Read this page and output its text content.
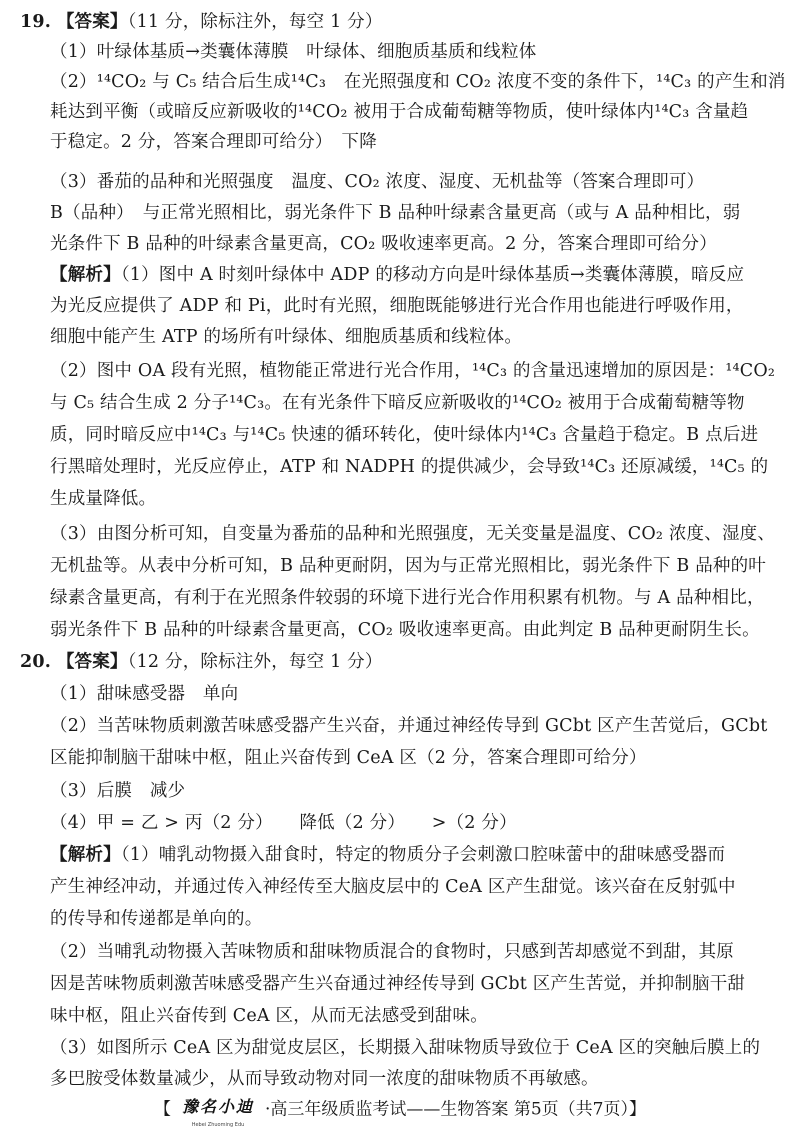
19. 【答案】（11 分，除标注外，每空 1 分）
（1）叶绿体基质→类囊体薄膜　叶绿体、细胞质基质和线粒体
（2）¹⁴CO₂ 与 C₅ 结合后生成¹⁴C₃　在光照强度和 CO₂ 浓度不变的条件下，¹⁴C₃ 的产生和消
耗达到平衡（或暗反应新吸收的¹⁴CO₂ 被用于合成葡萄糖等物质，使叶绿体内¹⁴C₃ 含量趋
于稳定。2 分，答案合理即可给分）　下降
（3）番茄的品种和光照强度　温度、CO₂ 浓度、湿度、无机盐等（答案合理即可）
B（品种）　与正常光照相比，弱光条件下 B 品种叶绿素含量更高（或与 A 品种相比，弱
光条件下 B 品种的叶绿素含量更高，CO₂ 吸收速率更高。2 分，答案合理即可给分）
【解析】（1）图中 A 时刻叶绿体中 ADP 的移动方向是叶绿体基质→类囊体薄膜，暗反应
为光反应提供了 ADP 和 Pi，此时有光照，细胞既能够进行光合作用也能进行呼吸作用，
细胞中能产生 ATP 的场所有叶绿体、细胞质基质和线粒体。
（2）图中 OA 段有光照，植物能正常进行光合作用，¹⁴C₃ 的含量迅速增加的原因是：¹⁴CO₂
与 C₅ 结合生成 2 分子¹⁴C₃。在有光条件下暗反应新吸收的¹⁴CO₂ 被用于合成葡萄糖等物
质，同时暗反应中¹⁴C₃ 与¹⁴C₅ 快速的循环转化，使叶绿体内¹⁴C₃ 含量趋于稳定。B 点后进
行黑暗处理时，光反应停止，ATP 和 NADPH 的提供减少，会导致¹⁴C₃ 还原减缓，¹⁴C₅ 的
生成量降低。
（3）由图分析可知，自变量为番茄的品种和光照强度，无关变量是温度、CO₂ 浓度、湿度、
无机盐等。从表中分析可知，B 品种更耐阴，因为与正常光照相比，弱光条件下 B 品种的叶
绿素含量更高，有利于在光照条件较弱的环境下进行光合作用积累有机物。与 A 品种相比，
弱光条件下 B 品种的叶绿素含量更高，CO₂ 吸收速率更高。由此判定 B 品种更耐阴生长。
20. 【答案】（12 分，除标注外，每空 1 分）
（1）甜味感受器　单向
（2）当苦味物质刺激苦味感受器产生兴奋，并通过神经传导到 GCbt 区产生苦觉后，GCbt
区能抑制脑干甜味中枢，阻止兴奋传到 CeA 区（2 分，答案合理即可给分）
（3）后膜　减少
（4）甲 = 乙 > 丙（2 分）　　降低（2 分）　　>（2 分）
【解析】（1）哺乳动物摄入甜食时，特定的物质分子会刺激口腔味蕾中的甜味感受器而
产生神经冲动，并通过传入神经传至大脑皮层中的 CeA 区产生甜觉。该兴奋在反射弧中
的传导和传递都是单向的。
（2）当哺乳动物摄入苦味物质和甜味物质混合的食物时，只感到苦却感觉不到甜，其原
因是苦味物质刺激苦味感受器产生兴奋通过神经传导到 GCbt 区产生苦觉，并抑制脑干甜
味中枢，阻止兴奋传到 CeA 区，从而无法感受到甜味。
（3）如图所示 CeA 区为甜觉皮层区，长期摄入甜味物质导致位于 CeA 区的突触后膜上的
多巴胺受体数量减少，从而导致动物对同一浓度的甜味物质不再敏感。
【 豫名小迪
Hebei Zhuoming Edu
·高三年级质监考试——生物答案 第5页（共7页）】
